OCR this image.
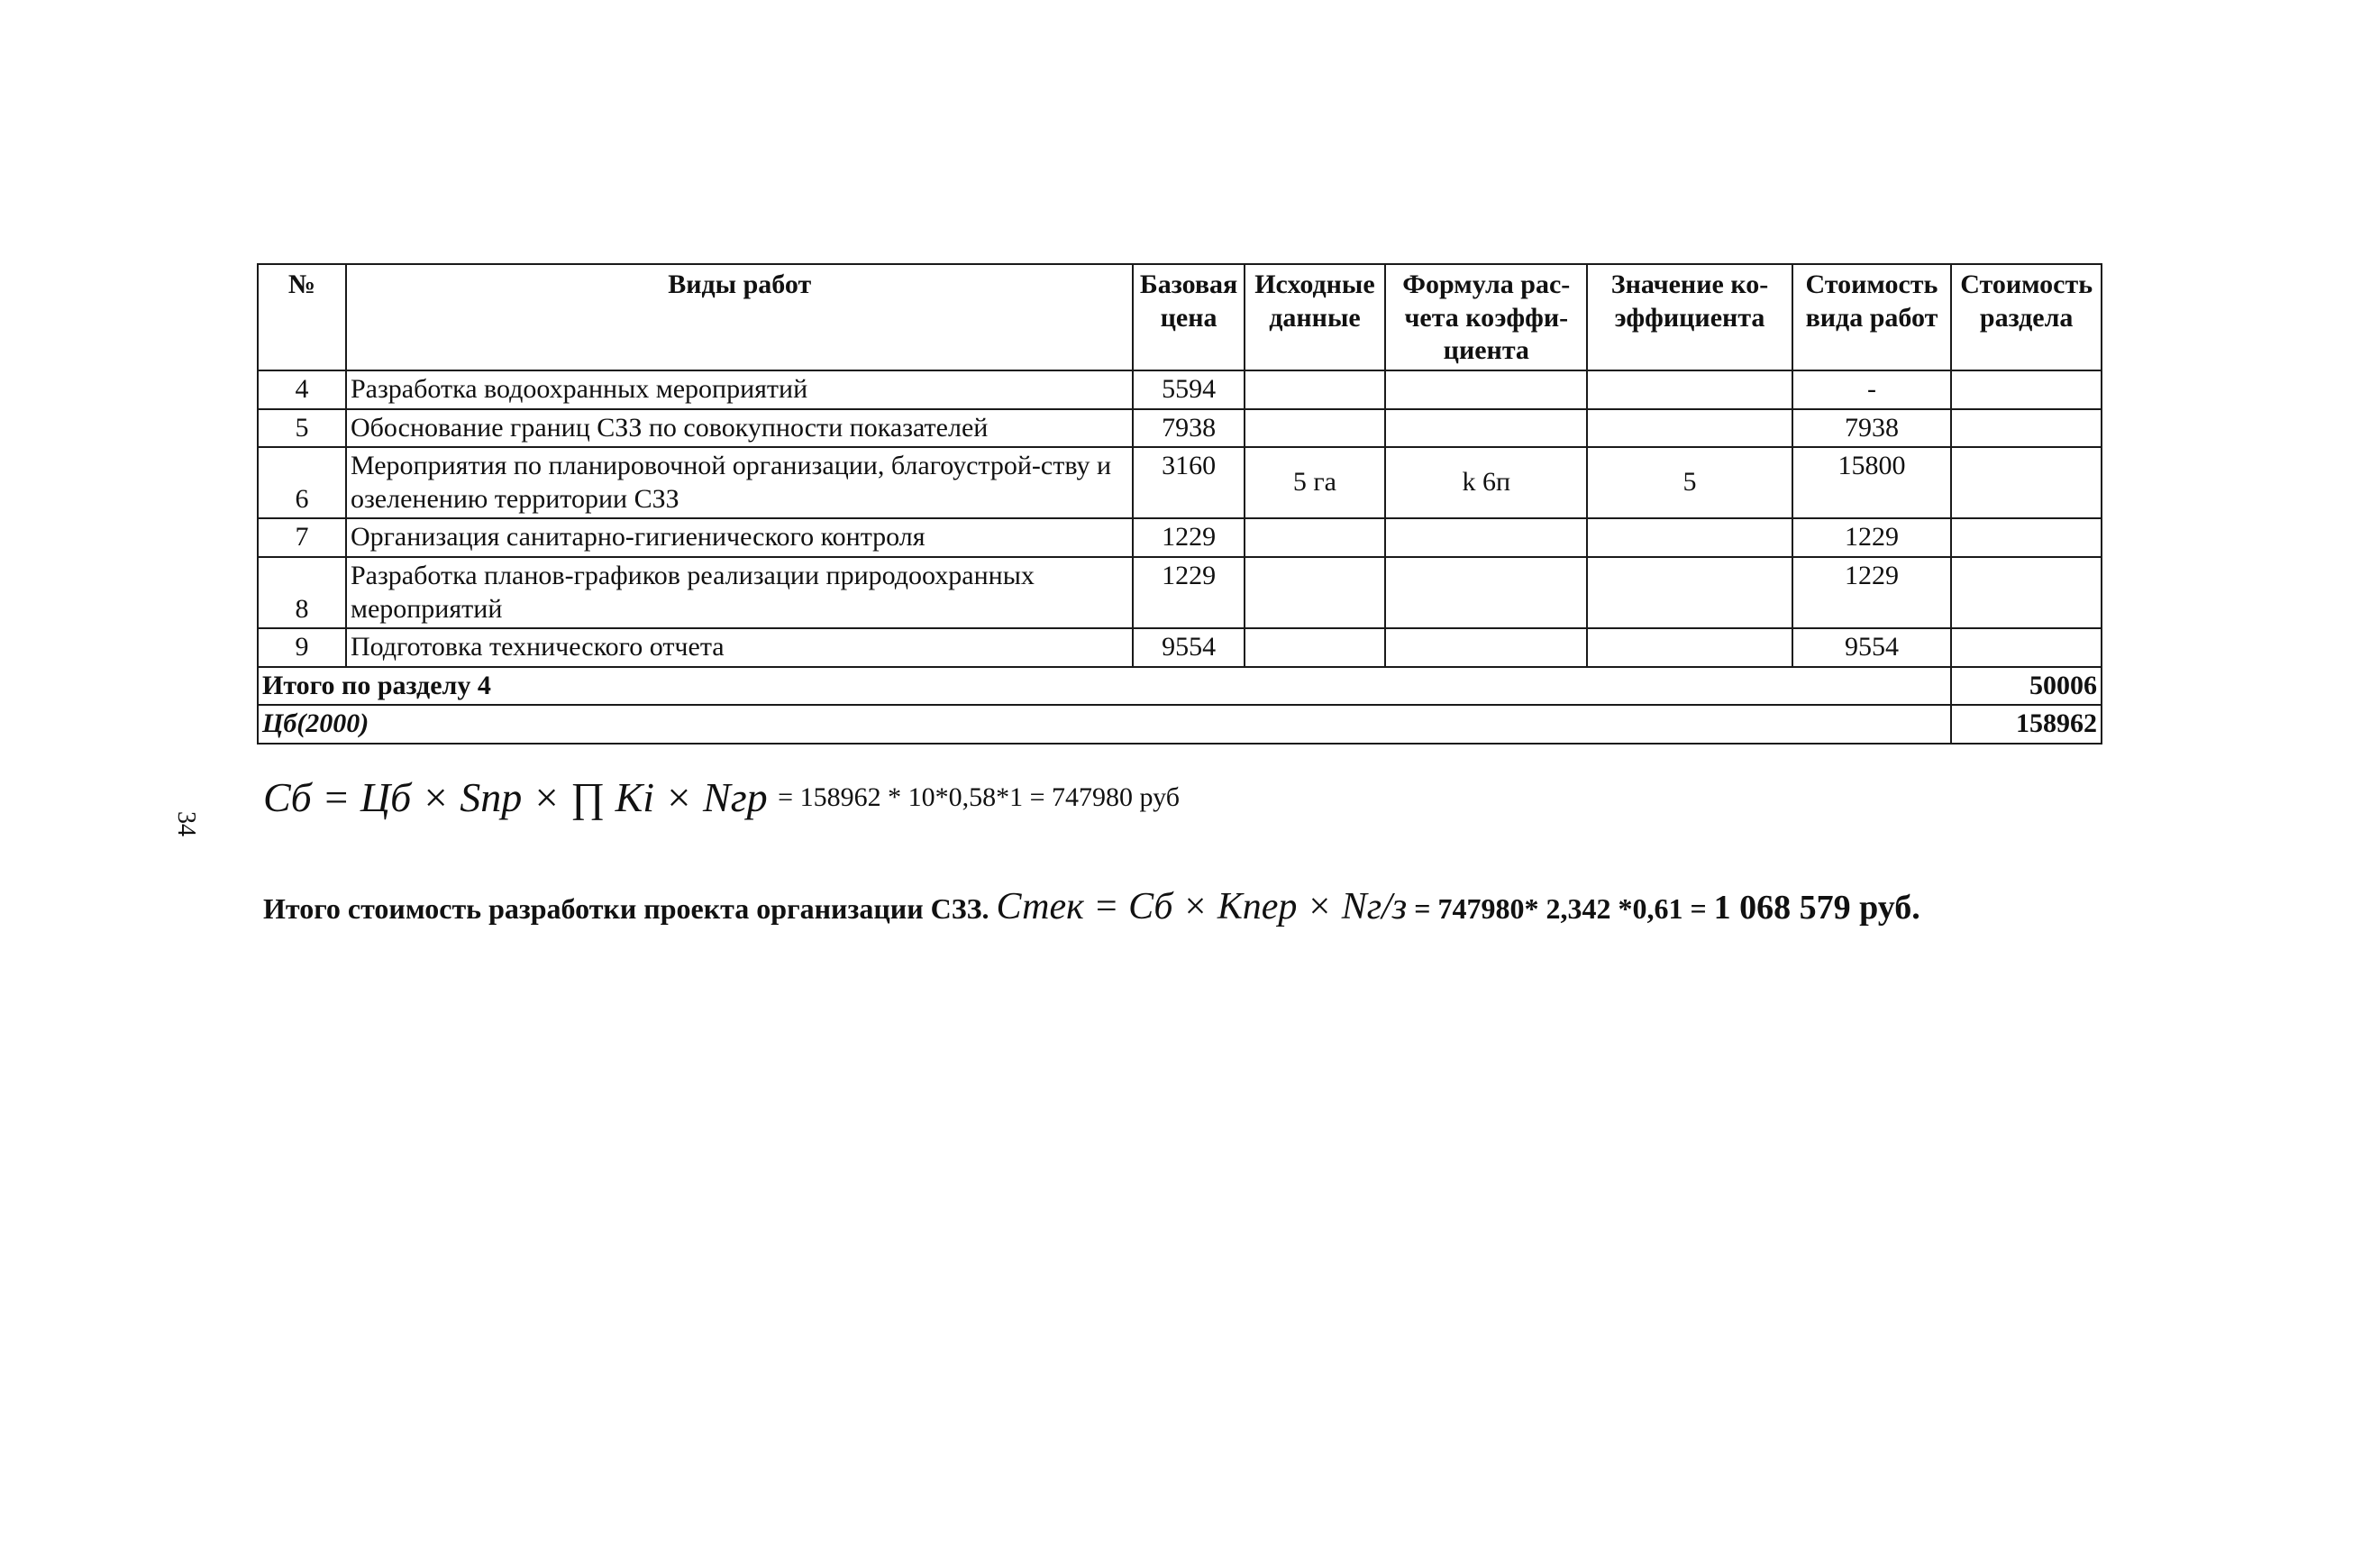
№	Виды работ	Базовая цена	Исходные данные	Формула рас-чета коэффи-циента	Значение ко-эффициента	Стоимость вида работ	Стоимость раздела
4	Разработка водоохранных мероприятий	5594				-	
5	Обоснование границ СЗЗ по совокупности показателей	7938				7938	
6	Мероприятия по планировочной организации, благоустрой-ству и озеленению территории СЗЗ	3160	5 га	k 6п	5	15800	
7	Организация санитарно-гигиенического контроля	1229				1229	
8	Разработка планов-графиков реализации природоохранных мероприятий	1229				1229	
9	Подготовка технического отчета	9554				9554	
Итого по разделу 4							50006
Цб(2000)							158962
34
Cб = Цб × Sпр × ∏ Кi × Nгр = 158962 * 10*0,58*1 = 747980 руб
Итого стоимость разработки проекта организации СЗЗ. Стек = Сб × Кпер × Nг/з = 747980* 2,342 *0,61 = 1 068 579 руб.
